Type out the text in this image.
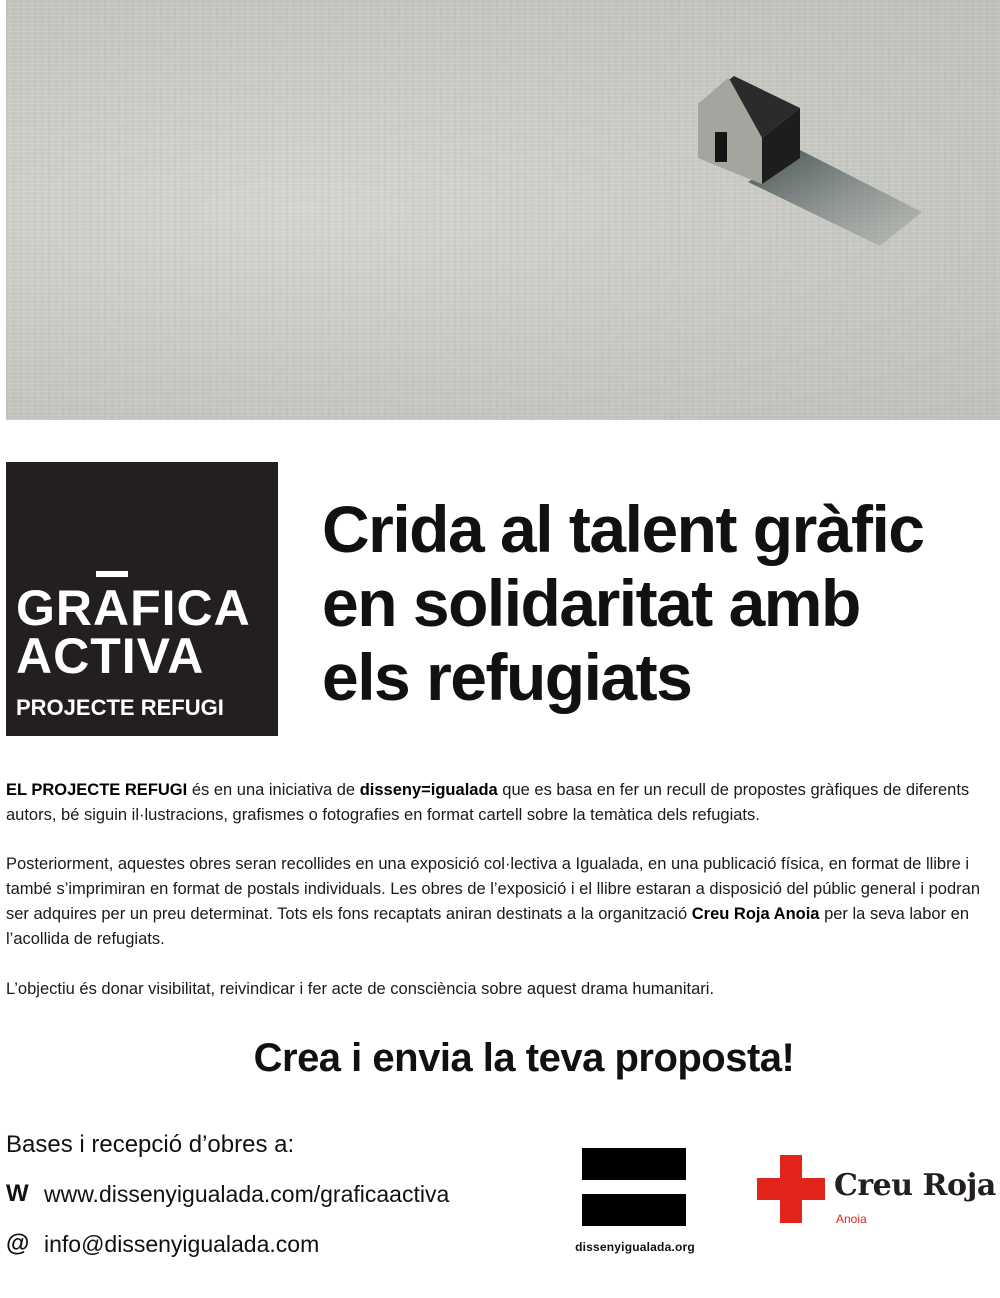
GRAFICA
ACTIVA
PROJECTE REFUGI
Crida al talent gràfic
en solidaritat amb
els refugiats

EL PROJECTE REFUGI és en una iniciativa de disseny=igualada que es basa en fer un recull de propostes gràfiques de diferents autors, bé siguin il·lustracions, grafismes o fotografies en format cartell sobre la temàtica dels refugiats.

Posteriorment, aquestes obres seran recollides en una exposició col·lectiva a Igualada, en una publicació física, en format de llibre i també s’imprimiran en format de postals individuals. Les obres de l’exposició i el llibre estaran a disposició del públic general i podran ser adquires per un preu determinat. Tots els fons recaptats aniran destinats a la organització Creu Roja Anoia per la seva labor en l’acollida de refugiats.

L’objectiu és donar visibilitat, reivindicar i fer acte de consciència sobre aquest drama humanitari.

Crea i envia la teva proposta!
Bases i recepció d’obres a:
W www.dissenyigualada.com/graficaactiva
@ info@dissenyigualada.com	dissenyigualada.org
Creu Roja
Anoia
